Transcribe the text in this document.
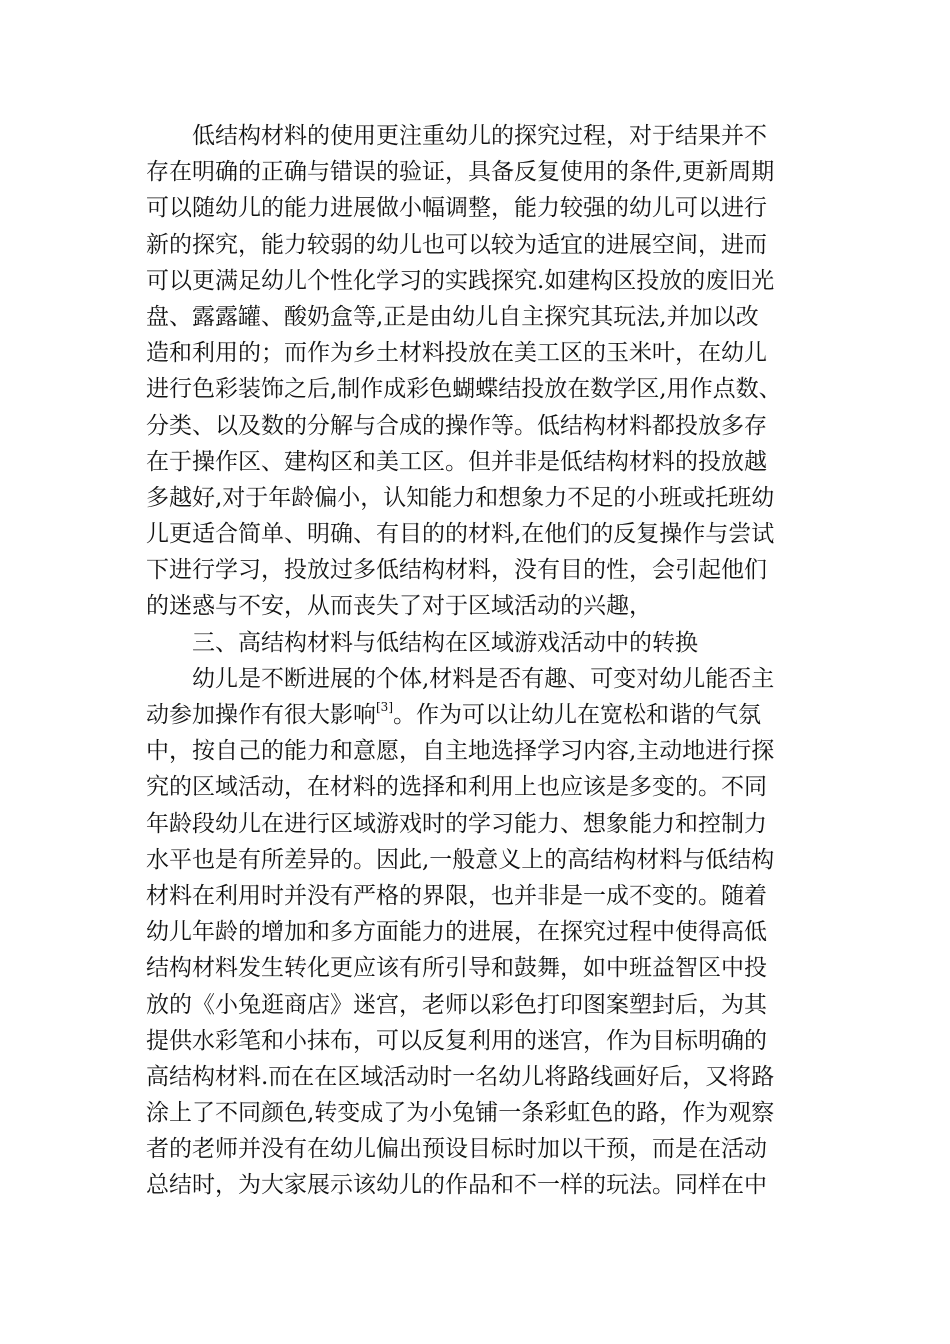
低结构材料的使用更注重幼儿的探究过程，对于结果并不
存在明确的正确与错误的验证，具备反复使用的条件,更新周期
可以随幼儿的能力进展做小幅调整，能力较强的幼儿可以进行
新的探究，能力较弱的幼儿也可以较为适宜的进展空间，进而
可以更满足幼儿个性化学习的实践探究.如建构区投放的废旧光
盘、露露罐、酸奶盒等,正是由幼儿自主探究其玩法,并加以改
造和利用的；而作为乡土材料投放在美工区的玉米叶，在幼儿
进行色彩装饰之后,制作成彩色蝴蝶结投放在数学区,用作点数、
分类、以及数的分解与合成的操作等。低结构材料都投放多存
在于操作区、建构区和美工区。但并非是低结构材料的投放越
多越好,对于年龄偏小，认知能力和想象力不足的小班或托班幼
儿更适合简单、明确、有目的的材料,在他们的反复操作与尝试
下进行学习，投放过多低结构材料，没有目的性，会引起他们
的迷惑与不安，从而丧失了对于区域活动的兴趣，
三、高结构材料与低结构在区域游戏活动中的转换
幼儿是不断进展的个体,材料是否有趣、可变对幼儿能否主
动参加操作有很大影响[3]。作为可以让幼儿在宽松和谐的气氛
中，按自己的能力和意愿，自主地选择学习内容,主动地进行探
究的区域活动，在材料的选择和利用上也应该是多变的。不同
年龄段幼儿在进行区域游戏时的学习能力、想象能力和控制力
水平也是有所差异的。因此,一般意义上的高结构材料与低结构
材料在利用时并没有严格的界限，也并非是一成不变的。随着
幼儿年龄的增加和多方面能力的进展，在探究过程中使得高低
结构材料发生转化更应该有所引导和鼓舞，如中班益智区中投
放的《小兔逛商店》迷宫，老师以彩色打印图案塑封后，为其
提供水彩笔和小抹布，可以反复利用的迷宫，作为目标明确的
高结构材料.而在在区域活动时一名幼儿将路线画好后，又将路
涂上了不同颜色,转变成了为小兔铺一条彩虹色的路，作为观察
者的老师并没有在幼儿偏出预设目标时加以干预，而是在活动
总结时，为大家展示该幼儿的作品和不一样的玩法。同样在中
